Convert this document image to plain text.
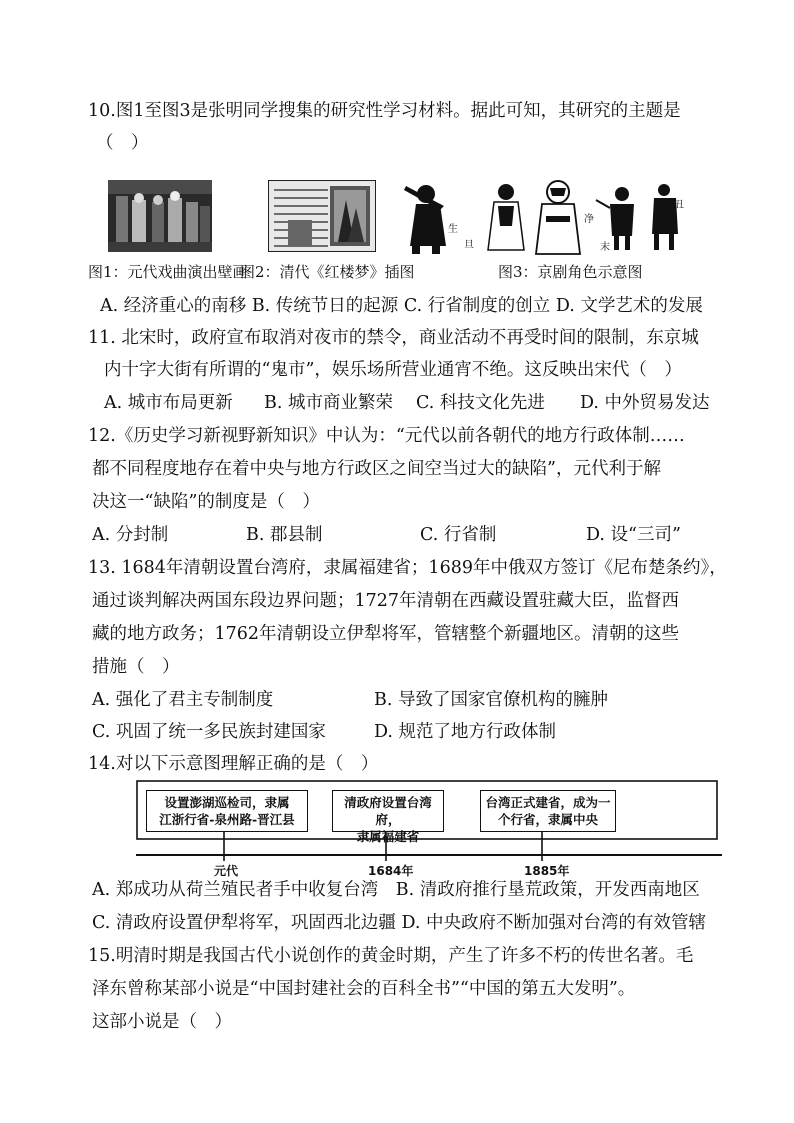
10.图1至图3是张明同学搜集的研究性学习材料。据此可知，其研究的主题是
（　）
生
旦
净
末
丑
图1：元代戏曲演出壁画
图2：清代《红楼梦》插图	图3：京剧角色示意图
A. 经济重心的南移 B. 传统节日的起源 C. 行省制度的创立 D. 文学艺术的发展
11. 北宋时，政府宣布取消对夜市的禁令，商业活动不再受时间的限制，东京城
内十字大街有所谓的“鬼市”，娱乐场所营业通宵不绝。这反映出宋代（　）
A. 城市布局更新 B. 城市商业繁荣 C. 科技文化先进 D. 中外贸易发达
12.《历史学习新视野新知识》中认为：“元代以前各朝代的地方行政体制……
都不同程度地存在着中央与地方行政区之间空当过大的缺陷”，元代利于解
决这一“缺陷”的制度是（　）
A. 分封制	B. 郡县制	C. 行省制	D. 设“三司”
13. 1684年清朝设置台湾府，隶属福建省；1689年中俄双方签订《尼布楚条约》，
通过谈判解决两国东段边界问题；1727年清朝在西藏设置驻藏大臣，监督西
藏的地方政务；1762年清朝设立伊犁将军，管辖整个新疆地区。清朝的这些
措施（　）
A. 强化了君主专制制度	B. 导致了国家官僚机构的臃肿
C. 巩固了统一多民族封建国家	D. 规范了地方行政体制
14.对以下示意图理解正确的是（　）
设置澎湖巡检司，隶属
江浙行省-泉州路-晋江县
清政府设置台湾府，
隶属福建省
台湾正式建省，成为一
个行省，隶属中央
元代	1684年	1885年
A. 郑成功从荷兰殖民者手中收复台湾　B. 清政府推行垦荒政策，开发西南地区
C. 清政府设置伊犁将军，巩固西北边疆 D. 中央政府不断加强对台湾的有效管辖
15.明清时期是我国古代小说创作的黄金时期，产生了许多不朽的传世名著。毛
泽东曾称某部小说是“中国封建社会的百科全书”“中国的第五大发明”。
这部小说是（　）
